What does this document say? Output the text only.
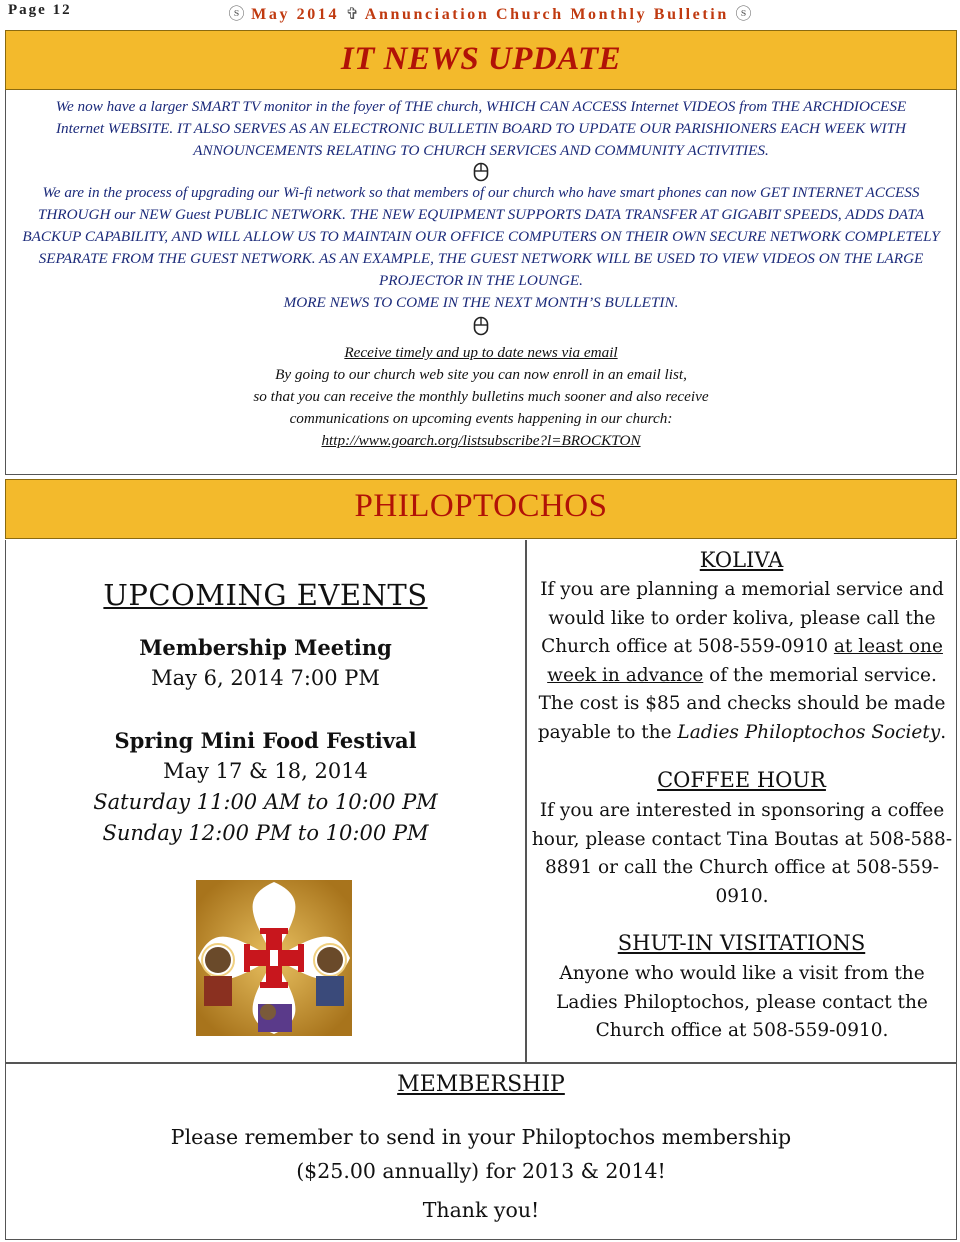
Page 12	ⓢ May 2014 ✞ Annunciation Church Monthly Bulletin ⓢ
IT NEWS UPDATE

We now have a larger SMART TV monitor in the foyer of THE church, WHICH CAN ACCESS Internet VIDEOS from THE ARCHDIOCESE Internet WEBSITE. IT ALSO SERVES AS AN ELECTRONIC BULLETIN BOARD TO UPDATE OUR PARISHIONERS EACH WEEK WITH ANNOUNCEMENTS RELATING TO CHURCH SERVICES AND COMMUNITY ACTIVITIES.

We are in the process of upgrading our Wi-fi network so that members of our church who have smart phones can now GET INTERNET ACCESS THROUGH our NEW Guest PUBLIC NETWORK. THE NEW EQUIPMENT SUPPORTS DATA TRANSFER AT GIGABIT SPEEDS, ADDS DATA BACKUP CAPABILITY, AND WILL ALLOW US TO MAINTAIN OUR OFFICE COMPUTERS ON THEIR OWN SECURE NETWORK COMPLETELY SEPARATE FROM THE GUEST NETWORK. AS AN EXAMPLE, THE GUEST NETWORK WILL BE USED TO VIEW VIDEOS ON THE LARGE PROJECTOR IN THE LOUNGE.

MORE NEWS TO COME IN THE NEXT MONTH’S BULLETIN.

Receive timely and up to date news via email

By going to our church web site you can now enroll in an email list,

so that you can receive the monthly bulletins much sooner and also receive

communications on upcoming events happening in our church:

http://www.goarch.org/listsubscribe?l=BROCKTON

PHILOPTOCHOS
UPCOMING EVENTS
Membership Meeting
May 6, 2014 7:00 PM
Spring Mini Food Festival
May 17 & 18, 2014
Saturday 11:00 AM to 10:00 PM
Sunday 12:00 PM to 10:00 PM
KOLIVA
If you are planning a memorial service and would like to order koliva, please call the Church office at 508-559-0910 at least one week in advance of the memorial service. The cost is $85 and checks should be made payable to the Ladies Philoptochos Society.
COFFEE HOUR
If you are interested in sponsoring a coffee hour, please contact Tina Boutas at 508-588-8891 or call the Church office at 508-559-0910.
SHUT-IN VISITATIONS
Anyone who would like a visit from the Ladies Philoptochos, please contact the Church office at 508-559-0910.
MEMBERSHIP
Please remember to send in your Philoptochos membership
($25.00 annually) for 2013 & 2014!
Thank you!
